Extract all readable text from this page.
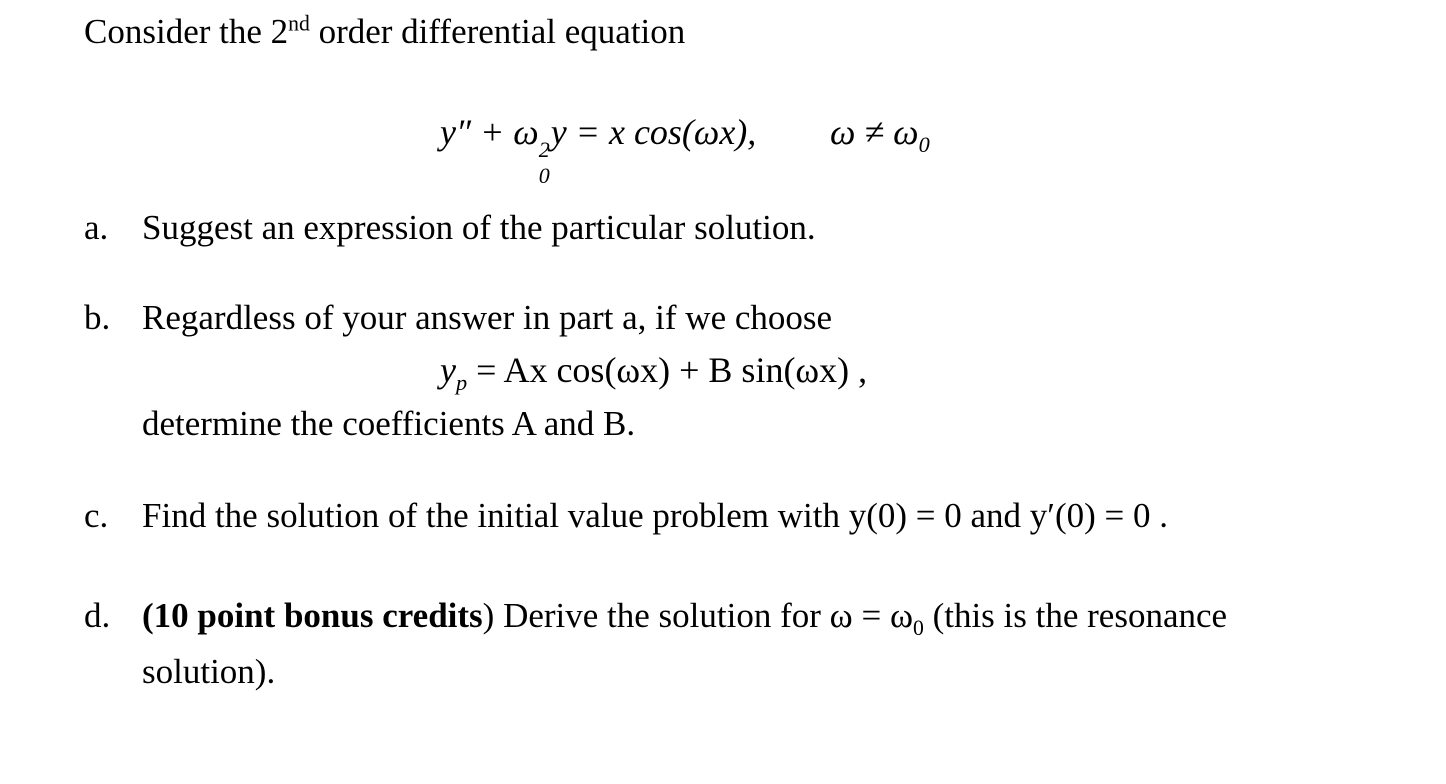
Consider the 2nd order differential equation
y″ + ω 2
0
y = x cos(ωx), $\omega \ne \omega_0$
a. Suggest an expression of the particular solution.
b. Regardless of your answer in part a, if we choose
$y_p = Ax$ cos(ωx) + B sin(ωx) ,
determine the coefficients A and B.
c. Find the solution of the initial value problem with y(0) = 0 and y′(0) = 0 .
d. (10 point bonus credits) Derive the solution for $\omega = \omega_0$ (this is the resonance
solution).
